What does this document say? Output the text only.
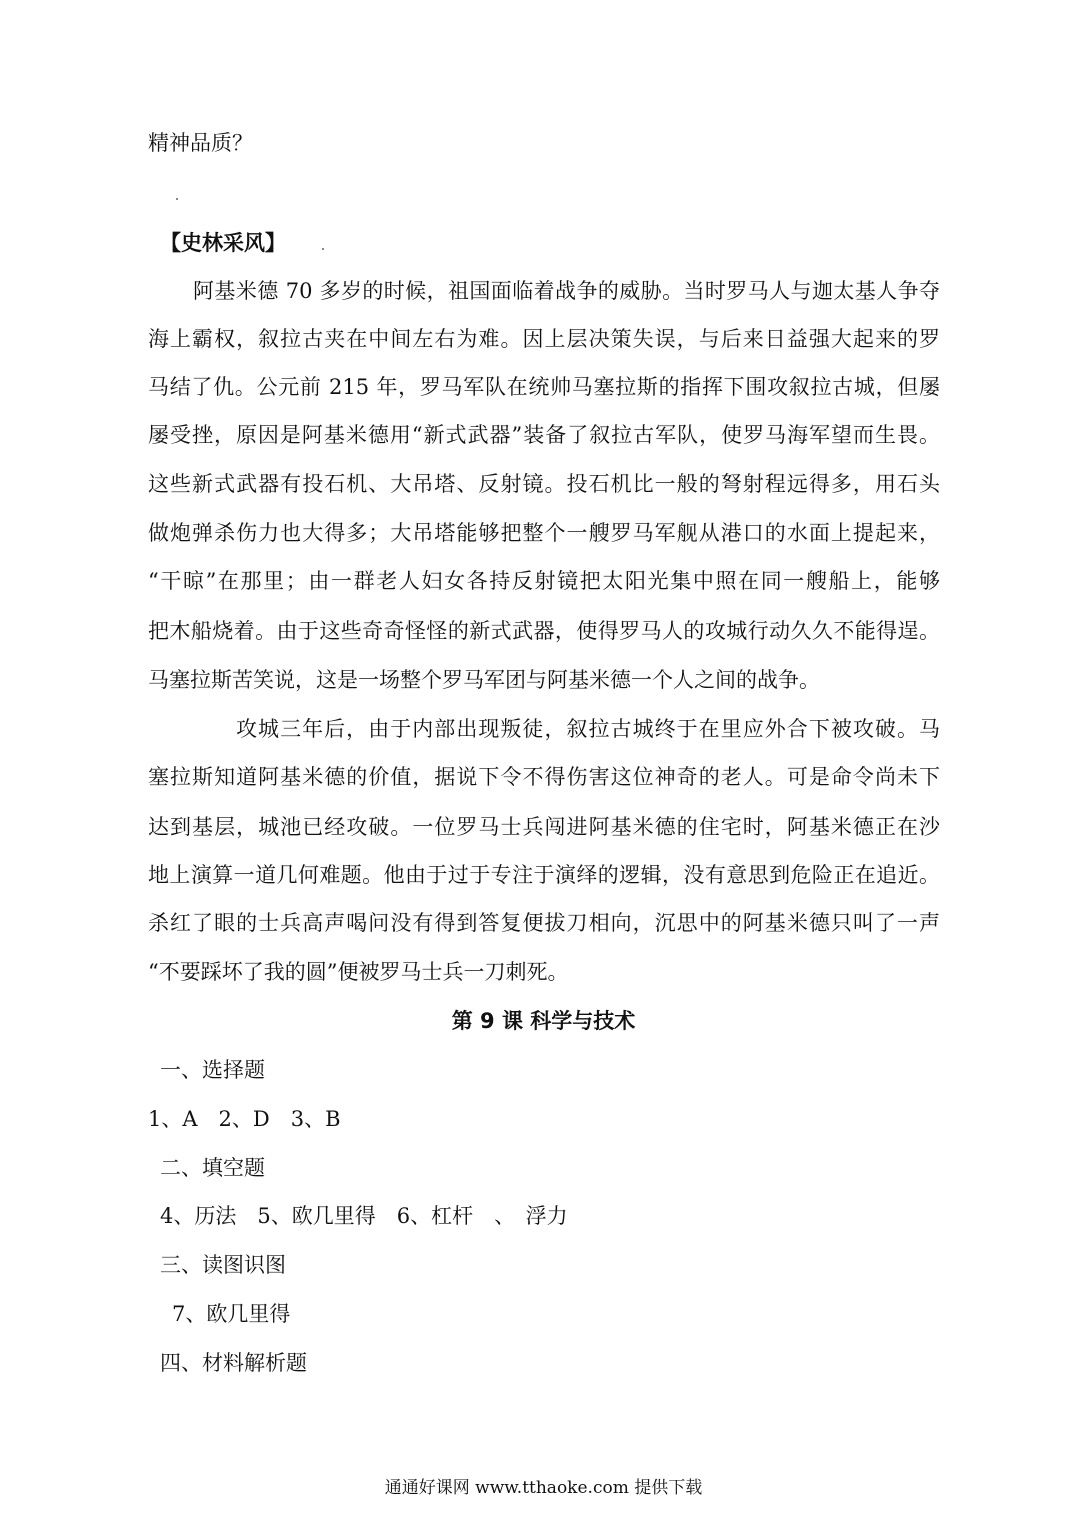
精神品质？
【史林采风】
阿基米德 70 多岁的时候，祖国面临着战争的威胁。当时罗马人与迦太基人争夺
海上霸权，叙拉古夹在中间左右为难。因上层决策失误，与后来日益强大起来的罗
马结了仇。公元前 215 年，罗马军队在统帅马塞拉斯的指挥下围攻叙拉古城，但屡
屡受挫，原因是阿基米德用“新式武器”装备了叙拉古军队，使罗马海军望而生畏。
这些新式武器有投石机、大吊塔、反射镜。投石机比一般的弩射程远得多，用石头
做炮弹杀伤力也大得多；大吊塔能够把整个一艘罗马军舰从港口的水面上提起来，
“干晾”在那里；由一群老人妇女各持反射镜把太阳光集中照在同一艘船上，能够
把木船烧着。由于这些奇奇怪怪的新式武器，使得罗马人的攻城行动久久不能得逞。
马塞拉斯苦笑说，这是一场整个罗马军团与阿基米德一个人之间的战争。
攻城三年后，由于内部出现叛徒，叙拉古城终于在里应外合下被攻破。马
塞拉斯知道阿基米德的价值，据说下令不得伤害这位神奇的老人。可是命令尚未下
达到基层，城池已经攻破。一位罗马士兵闯进阿基米德的住宅时，阿基米德正在沙
地上演算一道几何难题。他由于过于专注于演绎的逻辑，没有意思到危险正在追近。
杀红了眼的士兵高声喝问没有得到答复便拔刀相向，沉思中的阿基米德只叫了一声
“不要踩坏了我的圆”便被罗马士兵一刀刺死。
第 9 课 科学与技术
一、选择题
1、A　2、D　3、B
二、填空题
4、历法　5、欧几里得　6、杠杆　、　浮力
三、读图识图
7、欧几里得
四、材料解析题
通通好课网 www.tthaoke.com 提供下载
